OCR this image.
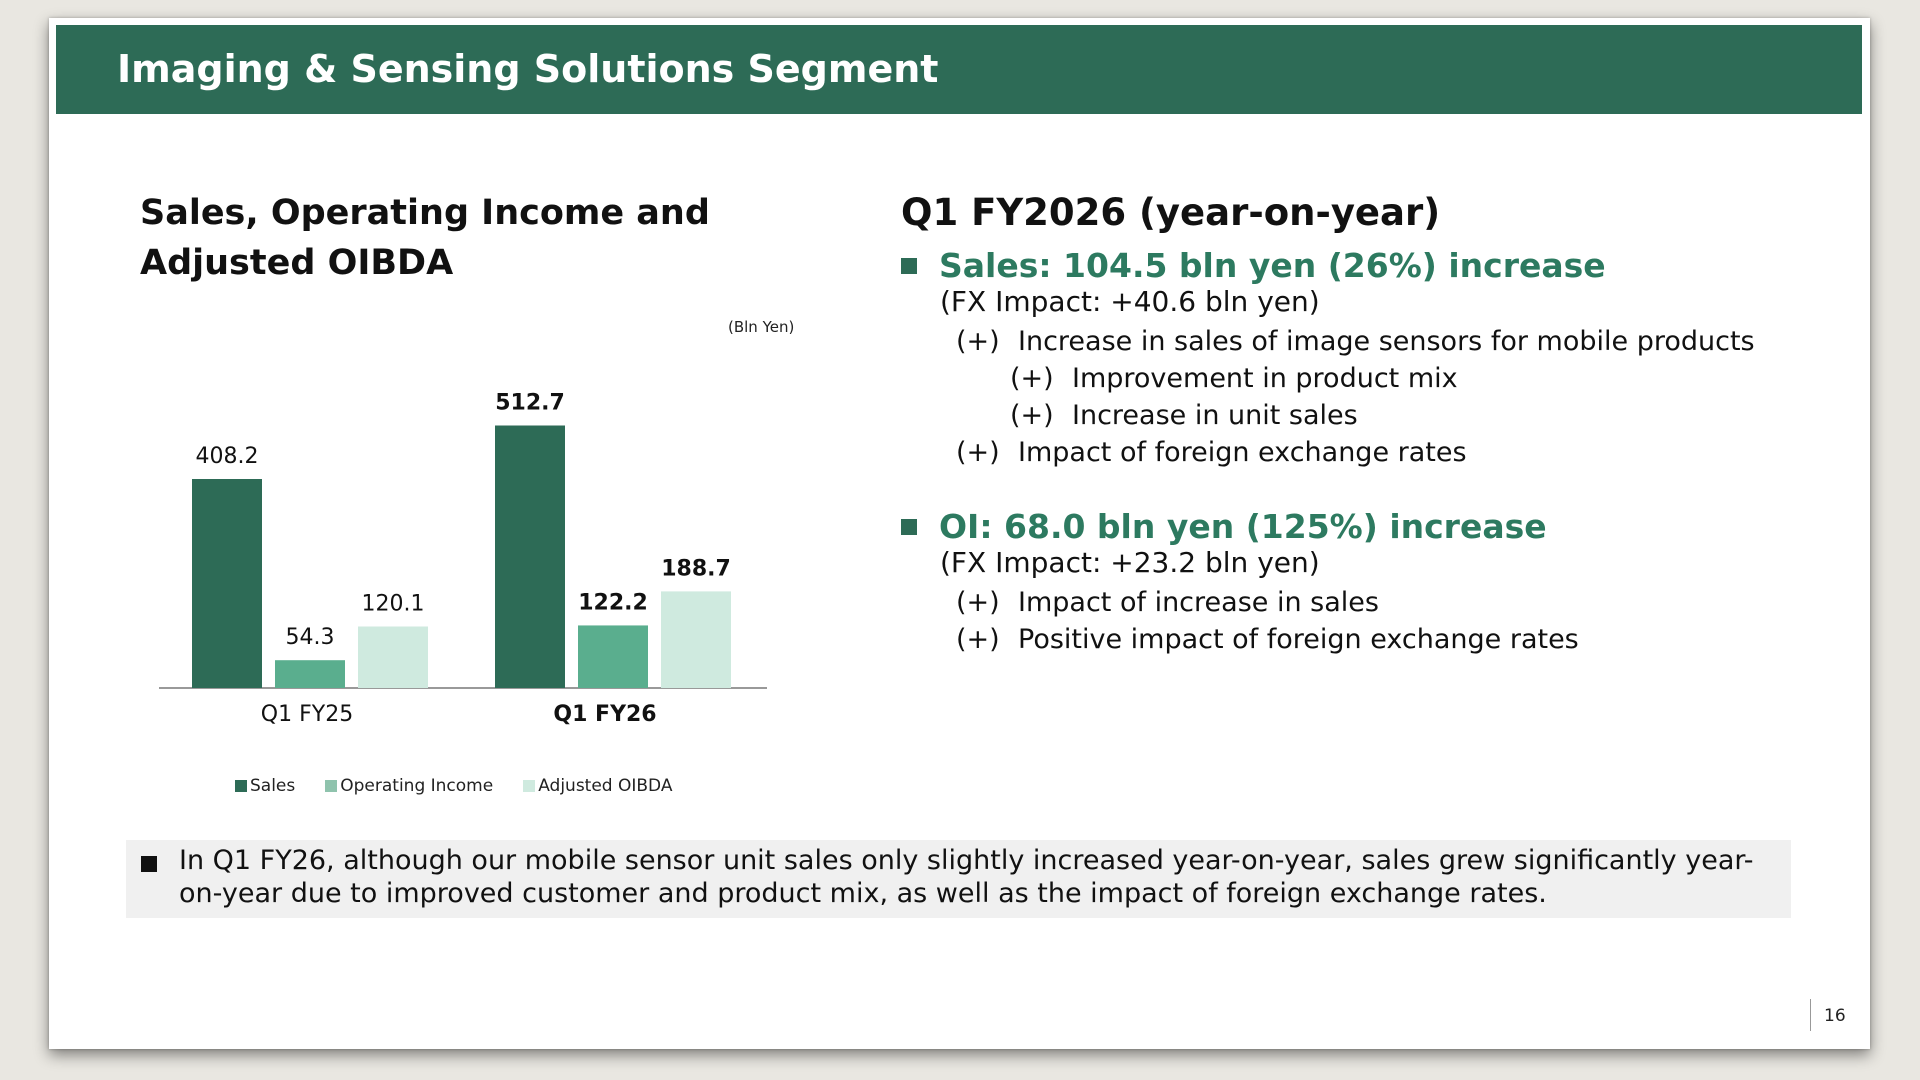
Imaging & Sensing Solutions Segment
Sales, Operating Income and Adjusted OIBDA
408.2
54.3
120.1
Q1 FY25
512.7
122.2
188.7
Q1 FY26
(Bln Yen)
Sales	Operating Income	Adjusted OIBDA
Q1 FY2026 (year-on-year)
Sales: 104.5 bln yen (26%) increase
(FX Impact: +40.6 bln yen)
(+) Increase in sales of image sensors for mobile products
(+) Improvement in product mix
(+) Increase in unit sales
(+) Impact of foreign exchange rates
OI: 68.0 bln yen (125%) increase
(FX Impact: +23.2 bln yen)
(+) Impact of increase in sales
(+) Positive impact of foreign exchange rates
In Q1 FY26, although our mobile sensor unit sales only slightly increased year-on-year, sales grew significantly year-on-year due to improved customer and product mix, as well as the impact of foreign exchange rates.
16
